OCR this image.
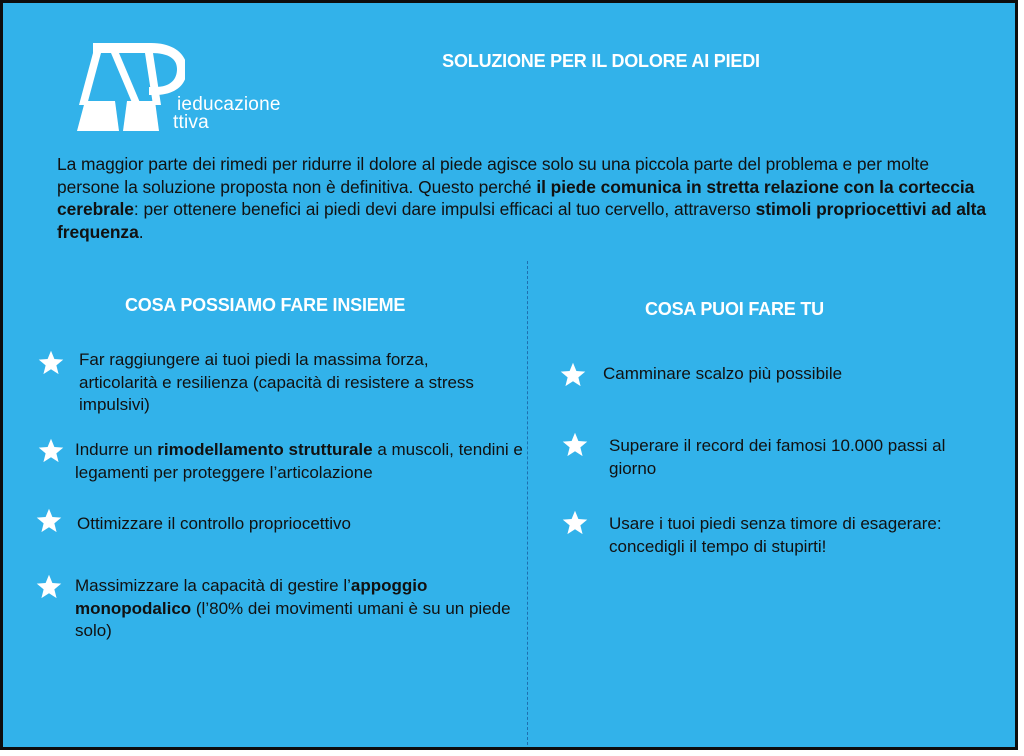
ieducazione
ttiva
SOLUZIONE PER IL DOLORE AI PIEDI

La maggior parte dei rimedi per ridurre il dolore al piede agisce solo su una piccola parte del problema e per molte persone la soluzione proposta non è definitiva. Questo perché il piede comunica in stretta relazione con la corteccia cerebrale: per ottenere benefici ai piedi devi dare impulsi efficaci al tuo cervello, attraverso stimoli propriocettivi ad alta frequenza.

COSA POSSIAMO FARE INSIEME	COSA PUOI FARE TU
Far raggiungere ai tuoi piedi la massima forza, articolarità e resilienza (capacità di resistere a stress impulsivi)
Indurre un rimodellamento strutturale a muscoli, tendini e legamenti per proteggere l’articolazione
Ottimizzare il controllo propriocettivo
Massimizzare la capacità di gestire l’appoggio monopodalico (l’80% dei movimenti umani è su un piede solo)
Camminare scalzo più possibile
Superare il record dei famosi 10.000 passi al giorno
Usare i tuoi piedi senza timore di esagerare: concedigli il tempo di stupirti!
